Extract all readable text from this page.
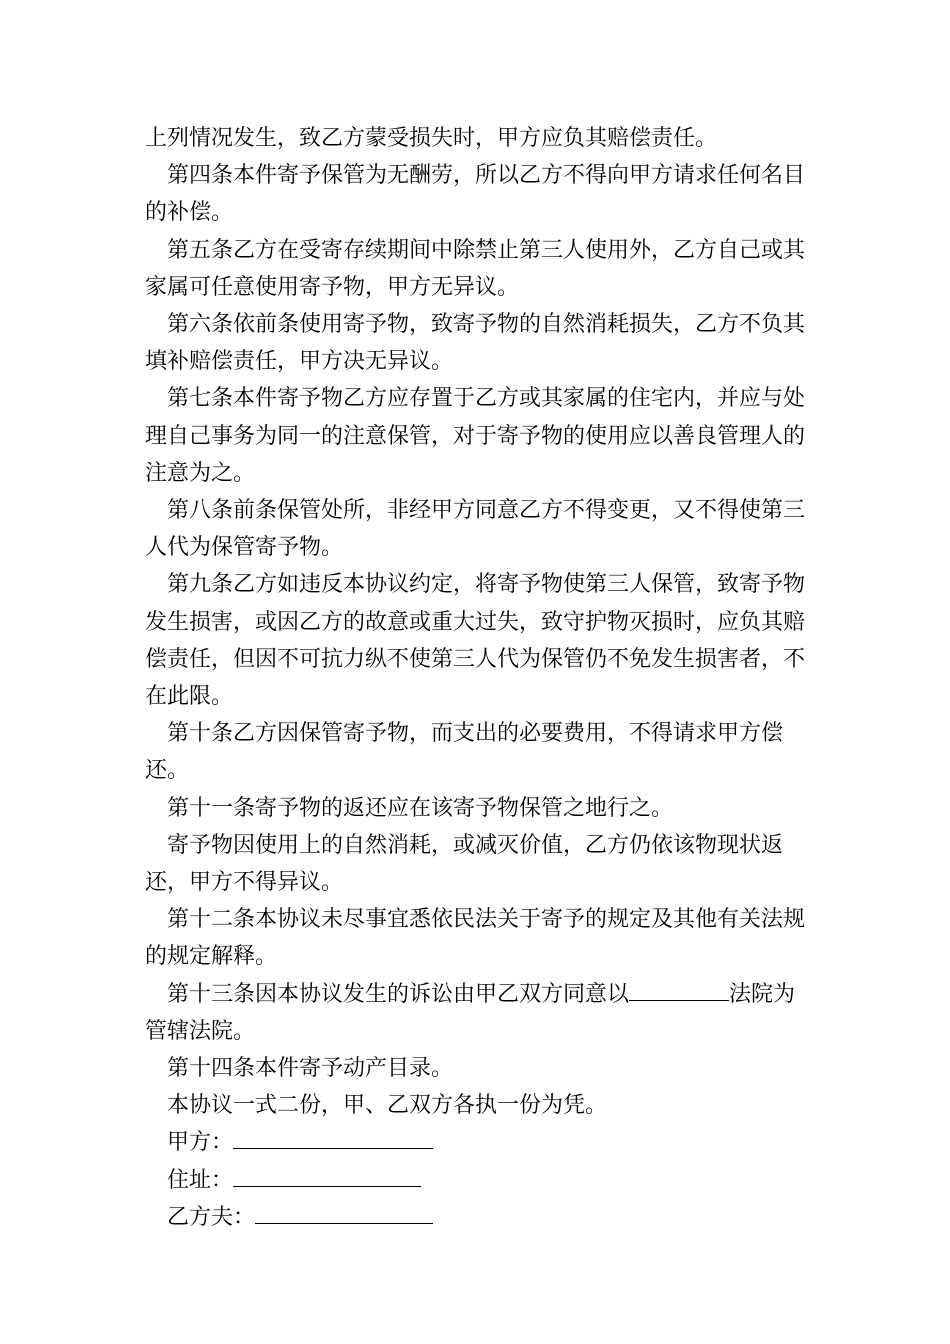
上列情况发生，致乙方蒙受损失时，甲方应负其赔偿责任。

第四条本件寄予保管为无酬劳，所以乙方不得向甲方请求任何名目的补偿。

第五条乙方在受寄存续期间中除禁止第三人使用外，乙方自己或其家属可任意使用寄予物，甲方无异议。

第六条依前条使用寄予物，致寄予物的自然消耗损失，乙方不负其填补赔偿责任，甲方决无异议。

第七条本件寄予物乙方应存置于乙方或其家属的住宅内，并应与处理自己事务为同一的注意保管，对于寄予物的使用应以善良管理人的注意为之。

第八条前条保管处所，非经甲方同意乙方不得变更，又不得使第三人代为保管寄予物。

第九条乙方如违反本协议约定，将寄予物使第三人保管，致寄予物发生损害，或因乙方的故意或重大过失，致守护物灭损时，应负其赔偿责任，但因不可抗力纵不使第三人代为保管仍不免发生损害者，不在此限。

第十条乙方因保管寄予物，而支出的必要费用，不得请求甲方偿还。

第十一条寄予物的返还应在该寄予物保管之地行之。

寄予物因使用上的自然消耗，或减灭价值，乙方仍依该物现状返还，甲方不得异议。

第十二条本协议未尽事宜悉依民法关于寄予的规定及其他有关法规的规定解释。

第十三条因本协议发生的诉讼由甲乙双方同意以	法院为管辖法院。

第十四条本件寄予动产目录。

本协议一式二份，甲、乙双方各执一份为凭。

甲方：

住址：

乙方夫：
